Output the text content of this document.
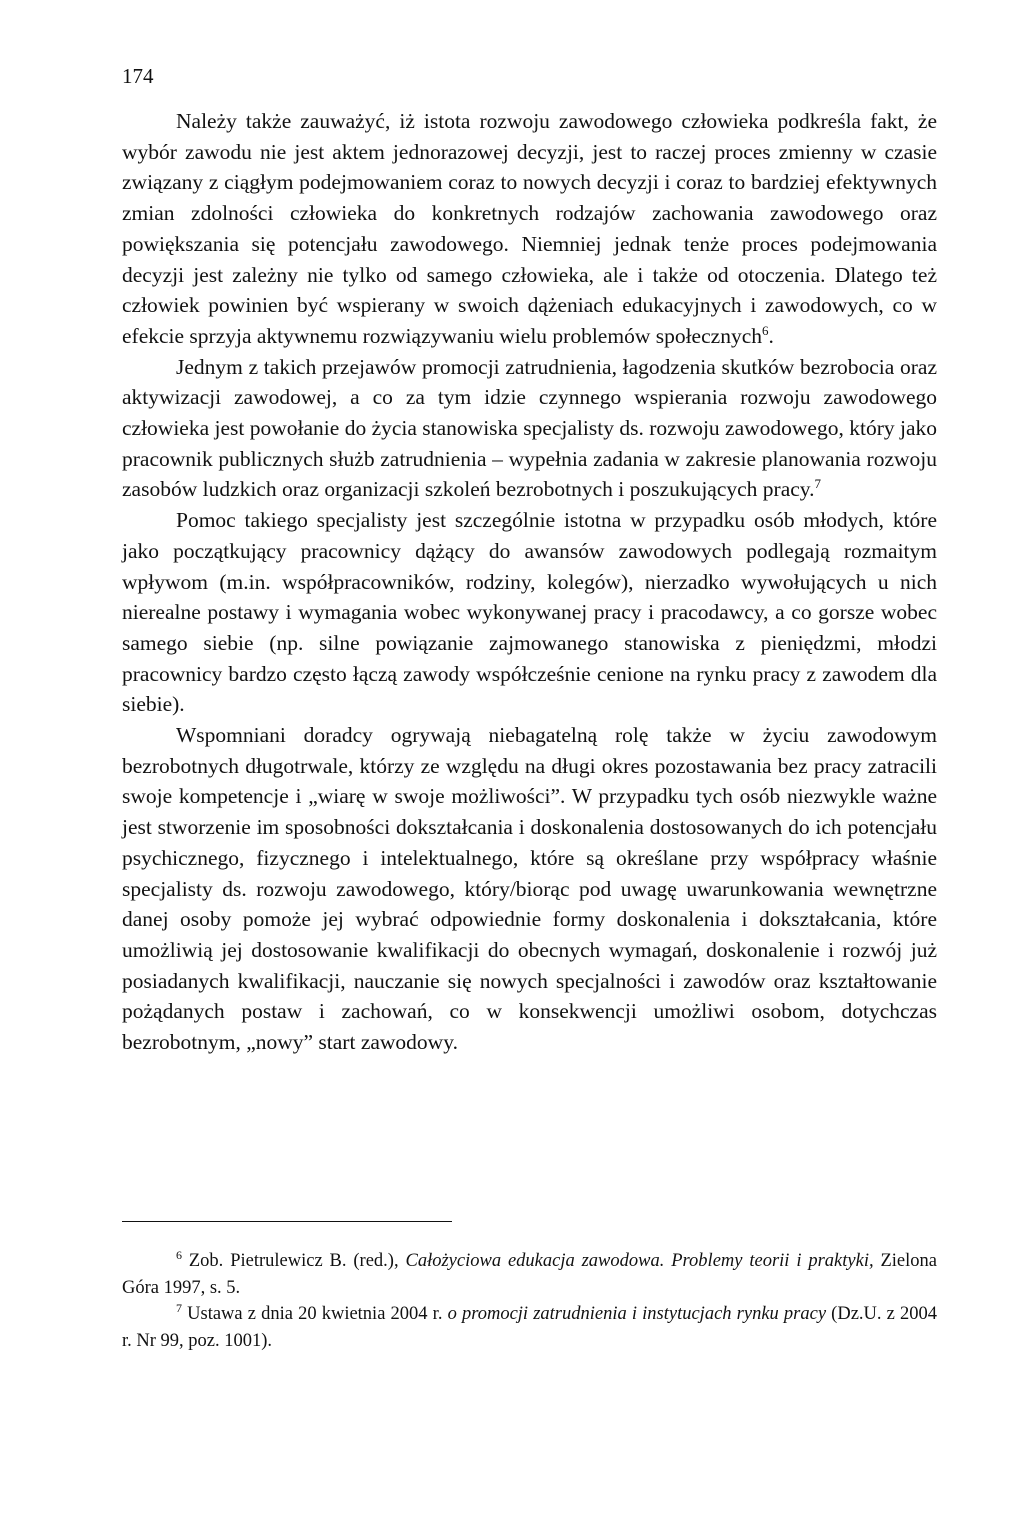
174

Należy także zauważyć, iż istota rozwoju zawodowego człowieka podkreśla fakt, że wybór zawodu nie jest aktem jednorazowej decyzji, jest to raczej proces zmienny w czasie związany z ciągłym podejmowaniem coraz to nowych decyzji i coraz to bardziej efektywnych zmian zdolności człowieka do konkretnych rodzajów zachowania zawodowego oraz powiększania się potencjału zawodowego. Niemniej jednak tenże proces podejmowania decyzji jest zależny nie tylko od samego człowieka, ale i także od otoczenia. Dlatego też człowiek powinien być wspierany w swoich dążeniach edukacyjnych i zawodowych, co w efekcie sprzyja aktywnemu rozwiązywaniu wielu problemów społecznych$^6$.

Jednym z takich przejawów promocji zatrudnienia, łagodzenia skutków bezrobocia oraz aktywizacji zawodowej, a co za tym idzie czynnego wspierania rozwoju zawodowego człowieka jest powołanie do życia stanowiska specjalisty ds. rozwoju zawodowego, który jako pracownik publicznych służb zatrudnienia – wypełnia zadania w zakresie planowania rozwoju zasobów ludzkich oraz organizacji szkoleń bezrobotnych i poszukujących pracy.$^7$

Pomoc takiego specjalisty jest szczególnie istotna w przypadku osób młodych, które jako początkujący pracownicy dążący do awansów zawodowych podlegają rozmaitym wpływom (m.in. współpracowników, rodziny, kolegów), nierzadko wywołujących u nich nierealne postawy i wymagania wobec wykonywanej pracy i pracodawcy, a co gorsze wobec samego siebie (np. silne powiązanie zajmowanego stanowiska z pieniędzmi, młodzi pracownicy bardzo często łączą zawody współcześnie cenione na rynku pracy z zawodem dla siebie).

Wspomniani doradcy ogrywają niebagatelną rolę także w życiu zawodowym bezrobotnych długotrwale, którzy ze względu na długi okres pozostawania bez pracy zatracili swoje kompetencje i „wiarę w swoje możliwości”. W przypadku tych osób niezwykle ważne jest stworzenie im sposobności dokształcania i doskonalenia dostosowanych do ich potencjału psychicznego, fizycznego i intelektualnego, które są określane przy współpracy właśnie specjalisty ds. rozwoju zawodowego, który/biorąc pod uwagę uwarunkowania wewnętrzne danej osoby pomoże jej wybrać odpowiednie formy doskonalenia i dokształcania, które umożliwią jej dostosowanie kwalifikacji do obecnych wymagań, doskonalenie i rozwój już posiadanych kwalifikacji, nauczanie się nowych specjalności i zawodów oraz kształtowanie pożądanych postaw i zachowań, co w konsekwencji umożliwi osobom, dotychczas bezrobotnym, „nowy” start zawodowy.

$^6$ Zob. Pietrulewicz B. (red.), Całożyciowa edukacja zawodowa. Problemy teorii i praktyki, Zielona Góra 1997, s. 5.

$^7$ Ustawa z dnia 20 kwietnia 2004 r. o promocji zatrudnienia i instytucjach rynku pracy (Dz.U. z 2004 r. Nr 99, poz. 1001).
